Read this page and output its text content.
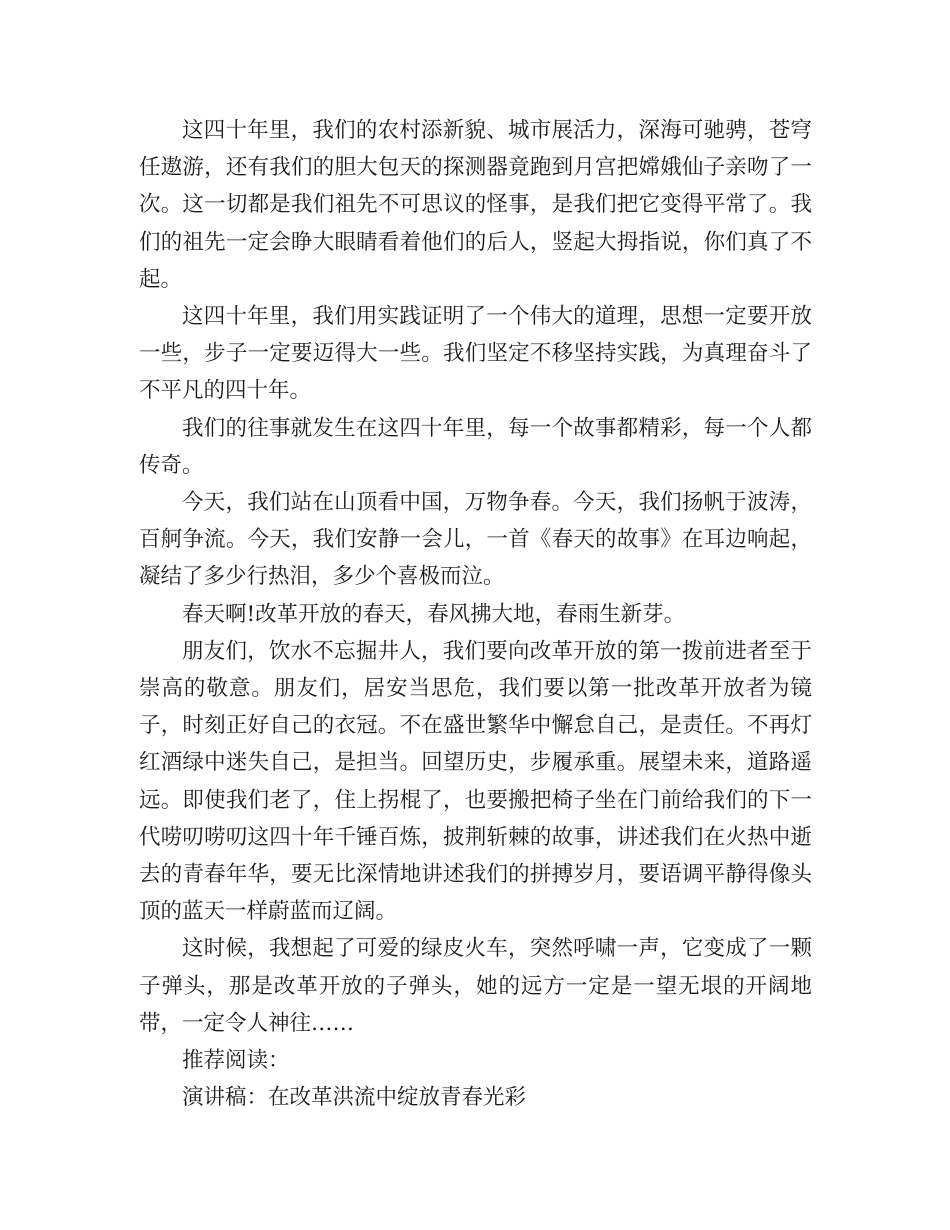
这四十年里，我们的农村添新貌、城市展活力，深海可驰骋，苍穹任遨游，还有我们的胆大包天的探测器竟跑到月宫把嫦娥仙子亲吻了一次。这一切都是我们祖先不可思议的怪事，是我们把它变得平常了。我们的祖先一定会睁大眼睛看着他们的后人，竖起大拇指说，你们真了不起。

这四十年里，我们用实践证明了一个伟大的道理，思想一定要开放一些，步子一定要迈得大一些。我们坚定不移坚持实践，为真理奋斗了不平凡的四十年。

我们的往事就发生在这四十年里，每一个故事都精彩，每一个人都传奇。

今天，我们站在山顶看中国，万物争春。今天，我们扬帆于波涛，百舸争流。今天，我们安静一会儿，一首《春天的故事》在耳边响起，凝结了多少行热泪，多少个喜极而泣。

春天啊!改革开放的春天，春风拂大地，春雨生新芽。

朋友们，饮水不忘掘井人，我们要向改革开放的第一拨前进者至于崇高的敬意。朋友们，居安当思危，我们要以第一批改革开放者为镜子，时刻正好自己的衣冠。不在盛世繁华中懈怠自己，是责任。不再灯红酒绿中迷失自己，是担当。回望历史，步履承重。展望未来，道路遥远。即使我们老了，住上拐棍了，也要搬把椅子坐在门前给我们的下一代唠叨唠叨这四十年千锤百炼，披荆斩棘的故事，讲述我们在火热中逝去的青春年华，要无比深情地讲述我们的拼搏岁月，要语调平静得像头顶的蓝天一样蔚蓝而辽阔。

这时候，我想起了可爱的绿皮火车，突然呼啸一声，它变成了一颗子弹头，那是改革开放的子弹头，她的远方一定是一望无垠的开阔地带，一定令人神往……

推荐阅读：

演讲稿：在改革洪流中绽放青春光彩
